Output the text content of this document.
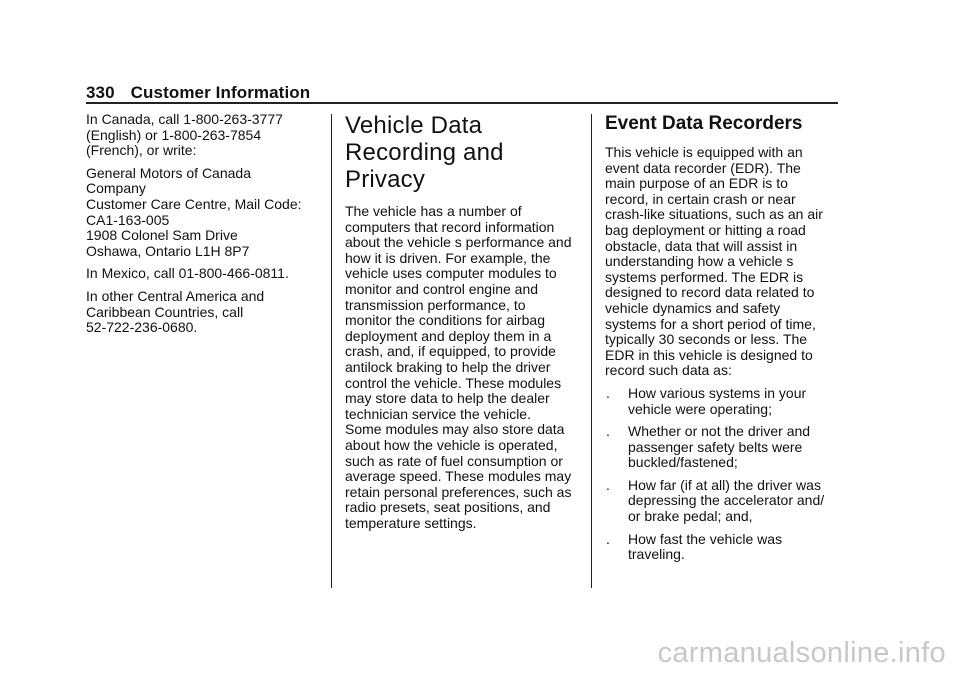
330 Customer Information

In Canada, call 1-800-263-3777
(English) or 1-800-263-7854
(French), or write:

General Motors of Canada
Company
Customer Care Centre, Mail Code:
CA1-163-005
1908 Colonel Sam Drive
Oshawa, Ontario L1H 8P7

In Mexico, call 01-800-466-0811.

In other Central America and
Caribbean Countries, call
52-722-236-0680.

Vehicle Data
Recording and
Privacy

The vehicle has a number of
computers that record information
about the vehicle s performance and
how it is driven. For example, the
vehicle uses computer modules to
monitor and control engine and
transmission performance, to
monitor the conditions for airbag
deployment and deploy them in a
crash, and, if equipped, to provide
antilock braking to help the driver
control the vehicle. These modules
may store data to help the dealer
technician service the vehicle.
Some modules may also store data
about how the vehicle is operated,
such as rate of fuel consumption or
average speed. These modules may
retain personal preferences, such as
radio presets, seat positions, and
temperature settings.

Event Data Recorders

This vehicle is equipped with an
event data recorder (EDR). The
main purpose of an EDR is to
record, in certain crash or near
crash-like situations, such as an air
bag deployment or hitting a road
obstacle, data that will assist in
understanding how a vehicle s
systems performed. The EDR is
designed to record data related to
vehicle dynamics and safety
systems for a short period of time,
typically 30 seconds or less. The
EDR in this vehicle is designed to
record such data as:

. How various systems in your
vehicle were operating;
. Whether or not the driver and
passenger safety belts were
buckled/fastened;
. How far (if at all) the driver was
depressing the accelerator and/
or brake pedal; and,
. How fast the vehicle was
traveling.
carmanualsonline.info
